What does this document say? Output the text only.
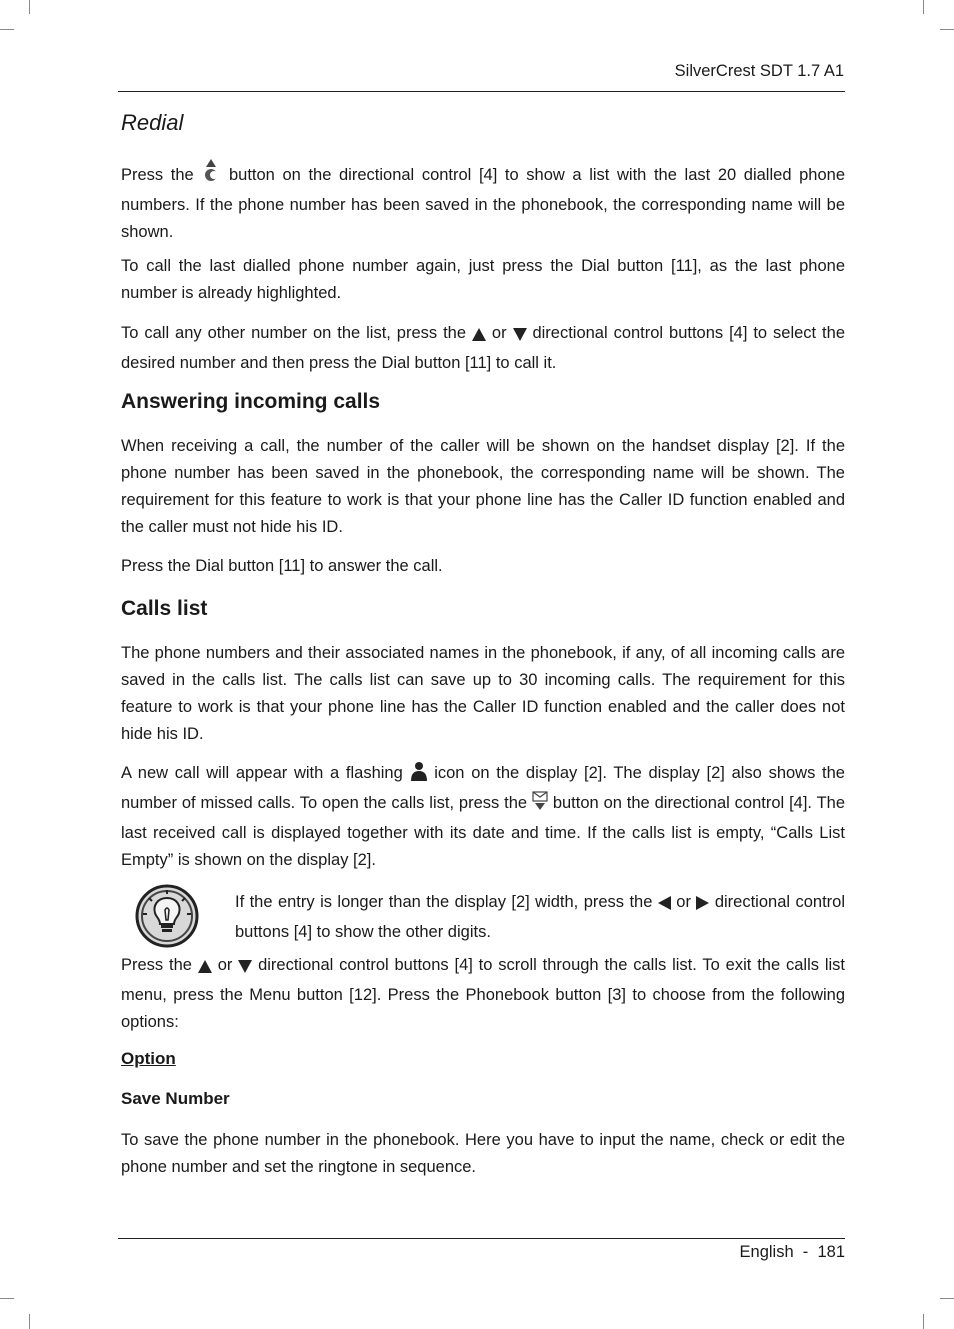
SilverCrest SDT 1.7 A1
Redial

Press the button on the directional control [4] to show a list with the last 20 dialled phone numbers. If the phone number has been saved in the phonebook, the corresponding name will be shown.

To call the last dialled phone number again, just press the Dial button [11], as the last phone number is already highlighted.

To call any other number on the list, press the or directional control buttons [4] to select the desired number and then press the Dial button [11] to call it.

Answering incoming calls

When receiving a call, the number of the caller will be shown on the handset display [2]. If the phone number has been saved in the phonebook, the corresponding name will be shown. The requirement for this feature to work is that your phone line has the Caller ID function enabled and the caller must not hide his ID.

Press the Dial button [11] to answer the call.

Calls list

The phone numbers and their associated names in the phonebook, if any, of all incoming calls are saved in the calls list. The calls list can save up to 30 incoming calls. The requirement for this feature to work is that your phone line has the Caller ID function enabled and the caller does not hide his ID.

A new call will appear with a flashing icon on the display [2]. The display [2] also shows the number of missed calls. To open the calls list, press the button on the directional control [4]. The last received call is displayed together with its date and time. If the calls list is empty, “Calls List Empty” is shown on the display [2].

If the entry is longer than the display [2] width, press the or directional control buttons [4] to show the other digits.

Press the or directional control buttons [4] to scroll through the calls list. To exit the calls list menu, press the Menu button [12]. Press the Phonebook button [3] to choose from the following options:

Option
Save Number

To save the phone number in the phonebook. Here you have to input the name, check or edit the phone number and set the ringtone in sequence.

English  -  181
